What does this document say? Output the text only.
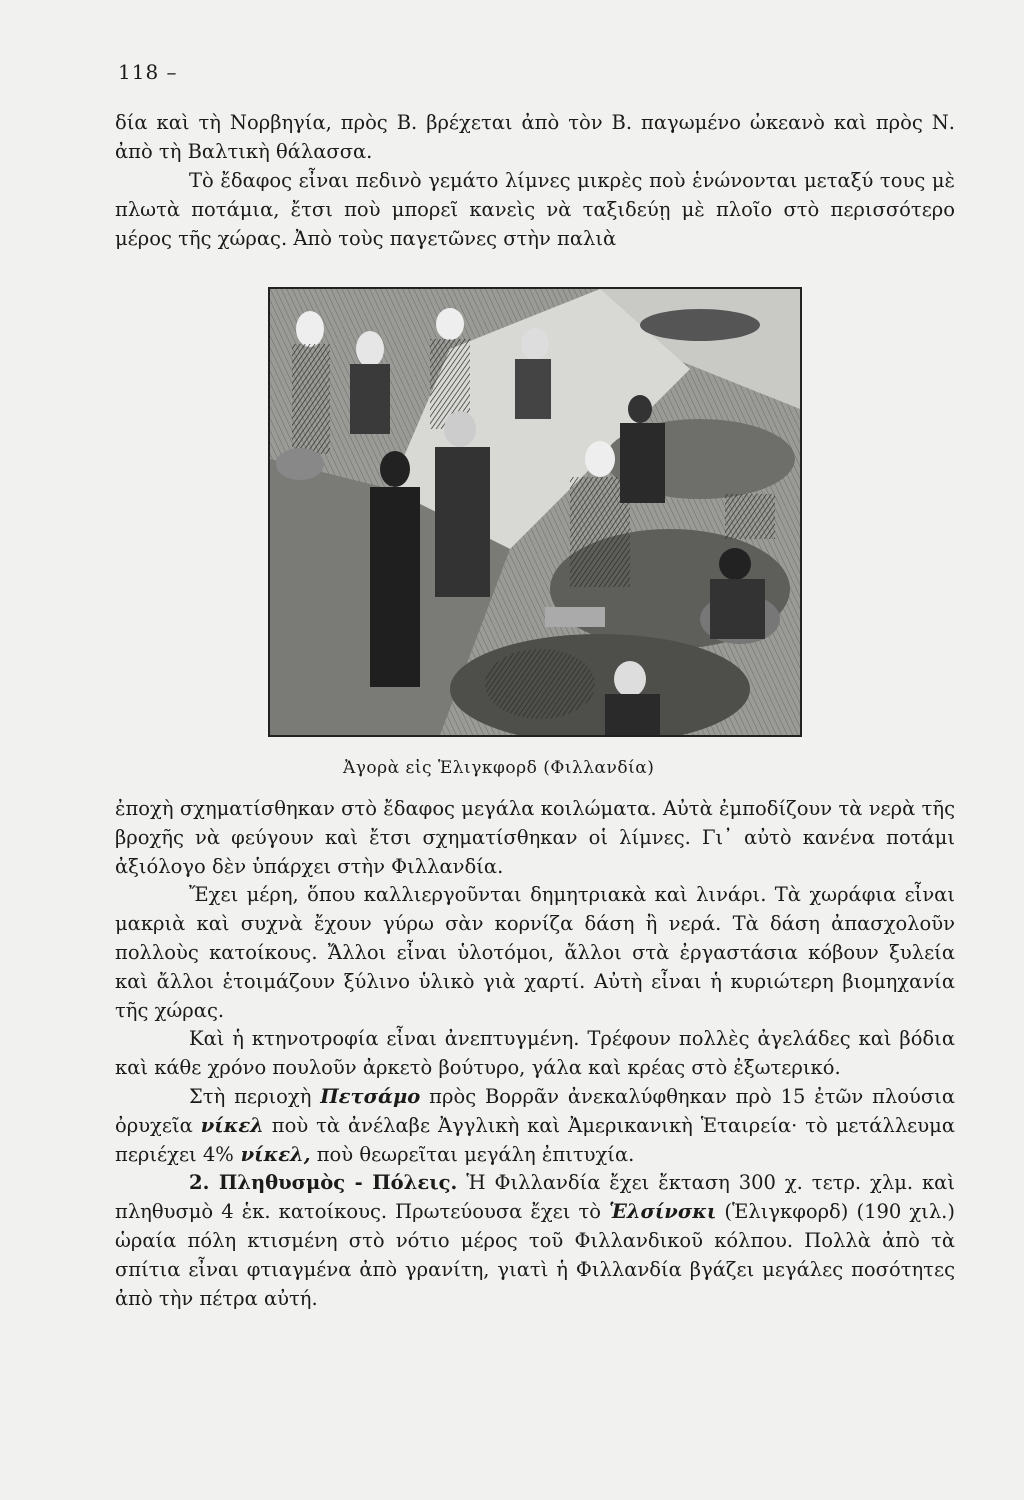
118 –

δία καὶ τὴ Νορβηγία, πρὸς Β. βρέχεται ἀπὸ τὸν Β. παγωμένο ὠκεανὸ καὶ πρὸς Ν. ἀπὸ τὴ Βαλτικὴ θάλασσα.

Τὸ ἔδαφος εἶναι πεδινὸ γεμάτο λίμνες μικρὲς ποὺ ἑνώνονται μεταξύ τους μὲ πλωτὰ ποτάμια, ἔτσι ποὺ μπορεῖ κανεὶς νὰ ταξιδεύῃ μὲ πλοῖο στὸ περισσότερο μέρος τῆς χώρας. Ἀπὸ τοὺς παγετῶνες στὴν παλιὰ

Ἀγορὰ εἰς Ἑλιγκφορδ (Φιλλανδία)

ἐποχὴ σχηματίσθηκαν στὸ ἔδαφος μεγάλα κοιλώματα. Αὐτὰ ἐμποδίζουν τὰ νερὰ τῆς βροχῆς νὰ φεύγουν καὶ ἔτσι σχηματίσθηκαν οἱ λίμνες. Γι᾽ αὐτὸ κανένα ποτάμι ἀξιόλογο δὲν ὑπάρχει στὴν Φιλλανδία.

Ἔχει μέρη, ὅπου καλλιεργοῦνται δημητριακὰ καὶ λινάρι. Τὰ χωράφια εἶναι μακριὰ καὶ συχνὰ ἔχουν γύρω σὰν κορνίζα δάση ἢ νερά. Τὰ δάση ἀπασχολοῦν πολλοὺς κατοίκους. Ἄλλοι εἶναι ὑλοτόμοι, ἄλλοι στὰ ἐργαστάσια κόβουν ξυλεία καὶ ἄλλοι ἑτοιμάζουν ξύλινο ὑλικὸ γιὰ χαρτί. Αὐτὴ εἶναι ἡ κυριώτερη βιομηχανία τῆς χώρας.

Καὶ ἡ κτηνοτροφία εἶναι ἀνεπτυγμένη. Τρέφουν πολλὲς ἀγελάδες καὶ βόδια καὶ κάθε χρόνο πουλοῦν ἀρκετὸ βούτυρο, γάλα καὶ κρέας στὸ ἐξωτερικό.

Στὴ περιοχὴ Πετσάμο πρὸς Βορρᾶν ἀνεκαλύφθηκαν πρὸ 15 ἐτῶν πλούσια ὀρυχεῖα νίκελ ποὺ τὰ ἀνέλαβε Ἀγγλικὴ καὶ Ἀμερικανικὴ Ἑταιρεία· τὸ μετάλλευμα περιέχει 4% νίκελ, ποὺ θεωρεῖται μεγάλη ἐπιτυχία.

2. Πληθυσμὸς - Πόλεις. Ἡ Φιλλανδία ἔχει ἔκταση 300 χ. τετρ. χλμ. καὶ πληθυσμὸ 4 ἑκ. κατοίκους. Πρωτεύουσα ἔχει τὸ Ἑλσίνσκι (Ἑλιγκφορδ) (190 χιλ.) ὡραία πόλη κτισμένη στὸ νότιο μέρος τοῦ Φιλλανδικοῦ κόλπου. Πολλὰ ἀπὸ τὰ σπίτια εἶναι φτιαγμένα ἀπὸ γρανίτη, γιατὶ ἡ Φιλλανδία βγάζει μεγάλες ποσότητες ἀπὸ τὴν πέτρα αὐτή.
